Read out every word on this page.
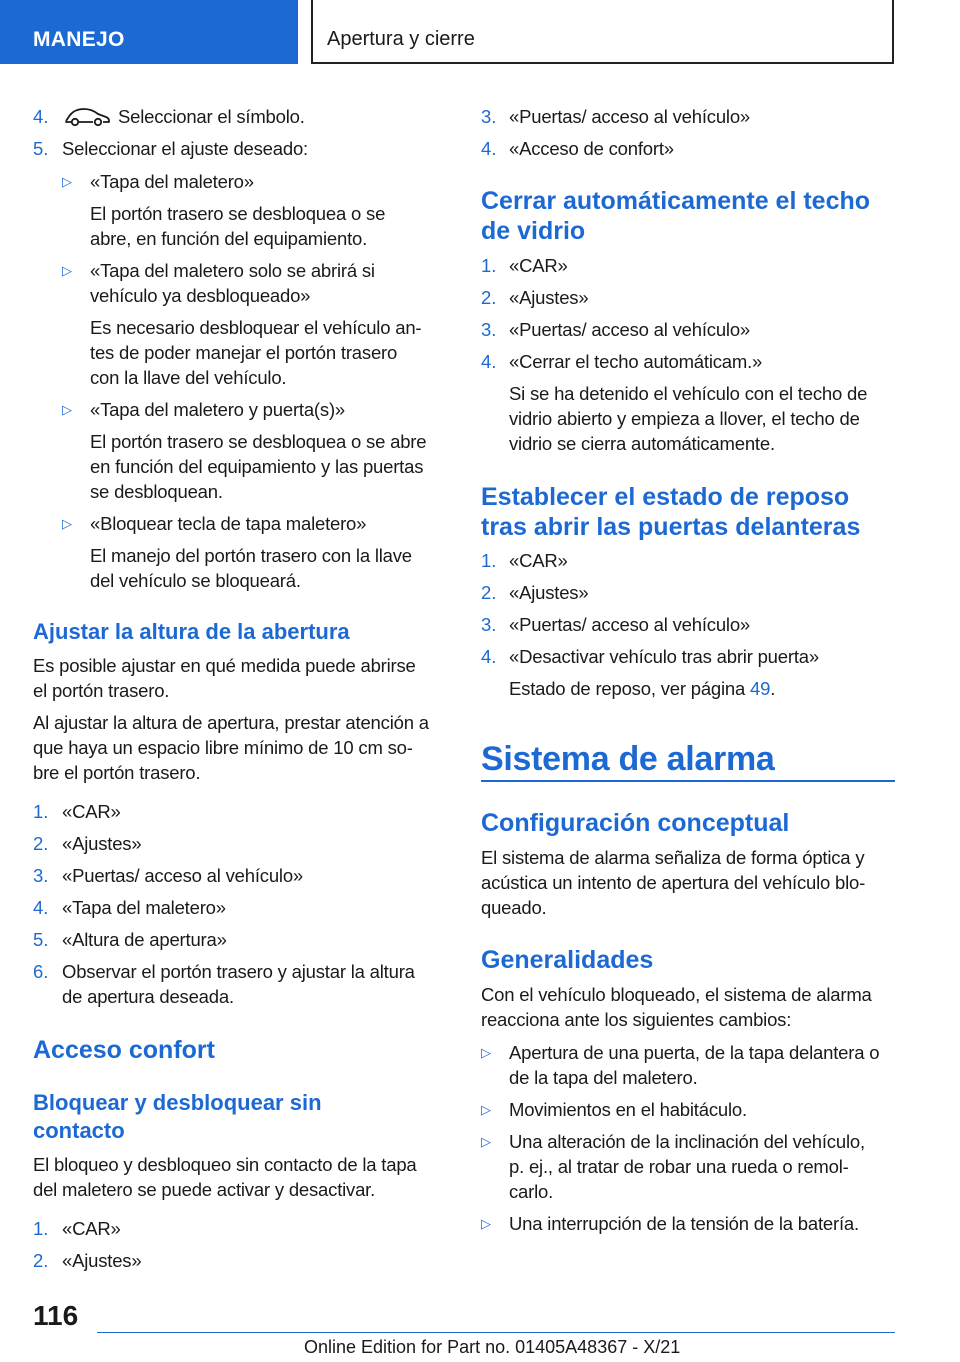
MANEJO	Apertura y cierre
4.	Seleccionar el símbolo.
5. Seleccionar el ajuste deseado:
▷ «Tapa del maletero»
El portón trasero se desbloquea o se
abre, en función del equipamiento.
▷ «Tapa del maletero solo se abrirá si
vehículo ya desbloqueado»
Es necesario desbloquear el vehículo an‐
tes de poder manejar el portón trasero
con la llave del vehículo.
▷ «Tapa del maletero y puerta(s)»
El portón trasero se desbloquea o se abre
en función del equipamiento y las puertas
se desbloquean.
▷ «Bloquear tecla de tapa maletero»
El manejo del portón trasero con la llave
del vehículo se bloqueará.
Ajustar la altura de la abertura
Es posible ajustar en qué medida puede abrirse
el portón trasero.
Al ajustar la altura de apertura, prestar atención a
que haya un espacio libre mínimo de 10 cm so‐
bre el portón trasero.
1. «CAR»
2. «Ajustes»
3. «Puertas/ acceso al vehículo»
4. «Tapa del maletero»
5. «Altura de apertura»
6. Observar el portón trasero y ajustar la altura
de apertura deseada.
Acceso confort
Bloquear y desbloquear sin
contacto
El bloqueo y desbloqueo sin contacto de la tapa
del maletero se puede activar y desactivar.
1. «CAR»
2. «Ajustes»
3. «Puertas/ acceso al vehículo»
4. «Acceso de confort»
Cerrar automáticamente el techo
de vidrio
1. «CAR»
2. «Ajustes»
3. «Puertas/ acceso al vehículo»
4. «Cerrar el techo automáticam.»
Si se ha detenido el vehículo con el techo de
vidrio abierto y empieza a llover, el techo de
vidrio se cierra automáticamente.
Establecer el estado de reposo
tras abrir las puertas delanteras
1. «CAR»
2. «Ajustes»
3. «Puertas/ acceso al vehículo»
4. «Desactivar vehículo tras abrir puerta»
Estado de reposo, ver página 49.
Sistema de alarma
Configuración conceptual
El sistema de alarma señaliza de forma óptica y
acústica un intento de apertura del vehículo blo‐
queado.
Generalidades
Con el vehículo bloqueado, el sistema de alarma
reacciona ante los siguientes cambios:
▷ Apertura de una puerta, de la tapa delantera o
de la tapa del maletero.
▷ Movimientos en el habitáculo.
▷ Una alteración de la inclinación del vehículo,
p. ej., al tratar de robar una rueda o remol‐
carlo.
▷ Una interrupción de la tensión de la batería.
116
Online Edition for Part no. 01405A48367 - X/21
